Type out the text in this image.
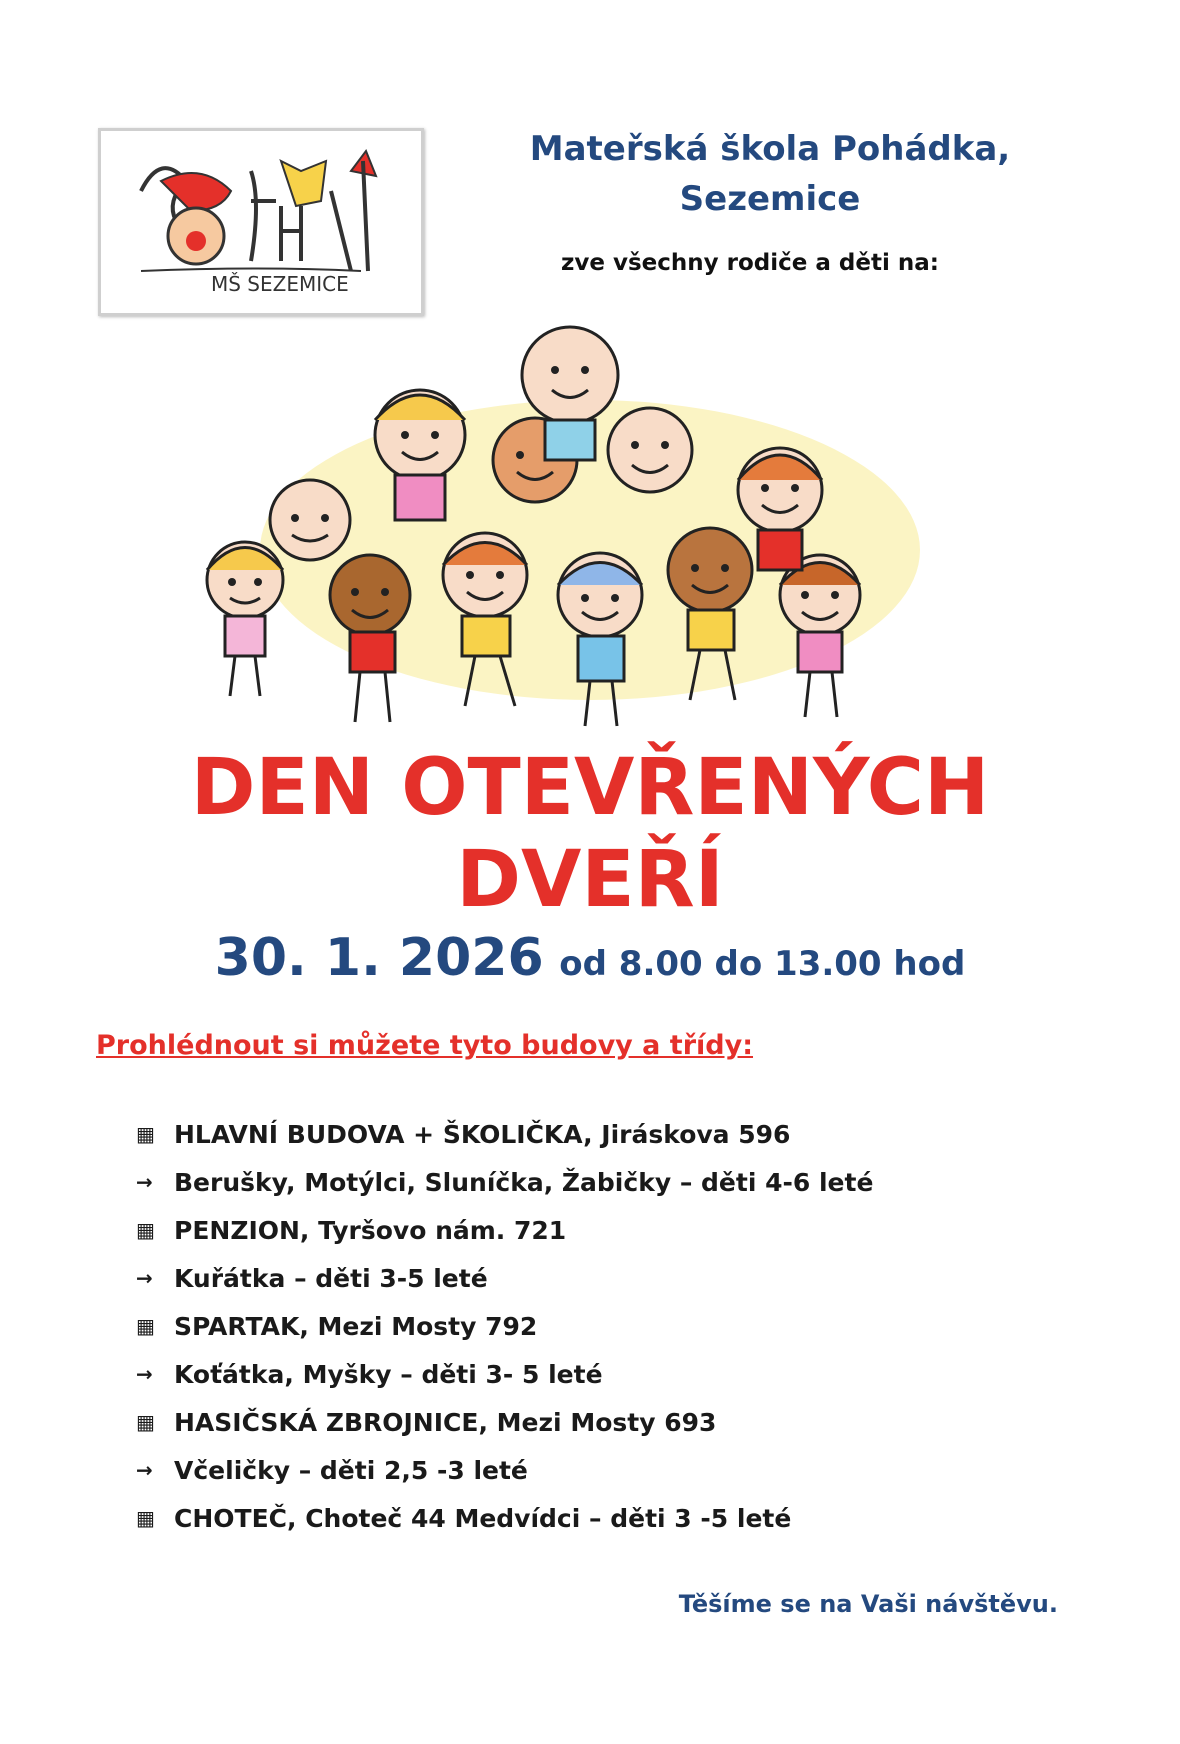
MŠ SEZEMICE
Mateřská škola Pohádka,
Sezemice
zve všechny rodiče a děti na:
DEN OTEVŘENÝCH
DVEŘÍ
30. 1. 2026 od 8.00 do 13.00 hod
Prohlédnout si můžete tyto budovy a třídy:
▦ HLAVNÍ BUDOVA + ŠKOLIČKA, Jiráskova 596
→ Berušky, Motýlci, Sluníčka, Žabičky – děti 4-6 leté
▦ PENZION, Tyršovo nám. 721
→ Kuřátka – děti 3-5 leté
▦ SPARTAK, Mezi Mosty 792
→ Koťátka, Myšky – děti 3- 5 leté
▦ HASIČSKÁ ZBROJNICE, Mezi Mosty 693
→ Včeličky – děti 2,5 -3 leté
▦ CHOTEČ, Choteč 44 Medvídci – děti 3 -5 leté
Těšíme se na Vaši návštěvu.
